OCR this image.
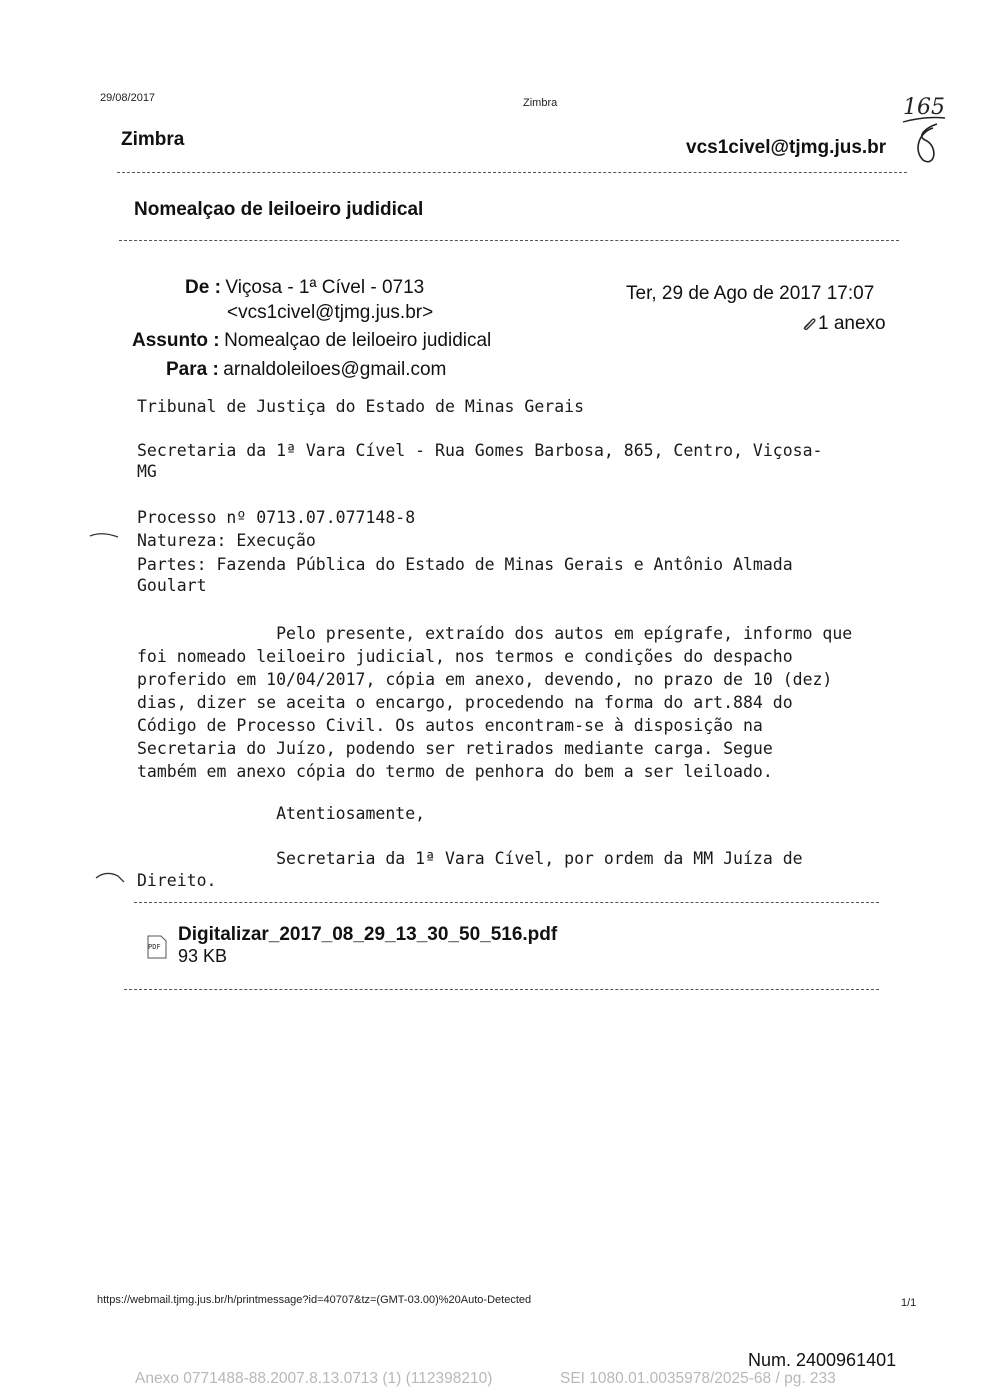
29/08/2017	Zimbra	165
Zimbra	vcs1civel@tjmg.jus.br
Nomealçao de leiloeiro judidical
De : Viçosa - 1ª Cível - 0713
<vcs1civel@tjmg.jus.br>
Assunto : Nomealçao de leiloeiro judidical
Para : arnaldoleiloes@gmail.com
Ter, 29 de Ago de 2017 17:07
1 anexo
Tribunal de Justiça do Estado de Minas Gerais
Secretaria da 1ª Vara Cível - Rua Gomes Barbosa, 865, Centro, Viçosa-
MG
Processo nº 0713.07.077148-8
Natureza: Execução
Partes: Fazenda Pública do Estado de Minas Gerais e Antônio Almada
Goulart
Pelo presente, extraído dos autos em epígrafe, informo que
foi nomeado leiloeiro judicial, nos termos e condições do despacho
proferido em 10/04/2017, cópia em anexo, devendo, no prazo de 10 (dez)
dias, dizer se aceita o encargo, procedendo na forma do art.884 do
Código de Processo Civil. Os autos encontram-se à disposição na
Secretaria do Juízo, podendo ser retirados mediante carga. Segue
também em anexo cópia do termo de penhora do bem a ser leiloado.
Atentiosamente,
Secretaria da 1ª Vara Cível, por ordem da MM Juíza de
Direito.
PDF
Digitalizar_2017_08_29_13_30_50_516.pdf
93 KB
https://webmail.tjmg.jus.br/h/printmessage?id=40707&tz=(GMT-03.00)%20Auto-Detected	1/1
Num. 2400961401
Anexo 0771488-88.2007.8.13.0713 (1) (112398210)	SEI 1080.01.0035978/2025-68 / pg. 233
